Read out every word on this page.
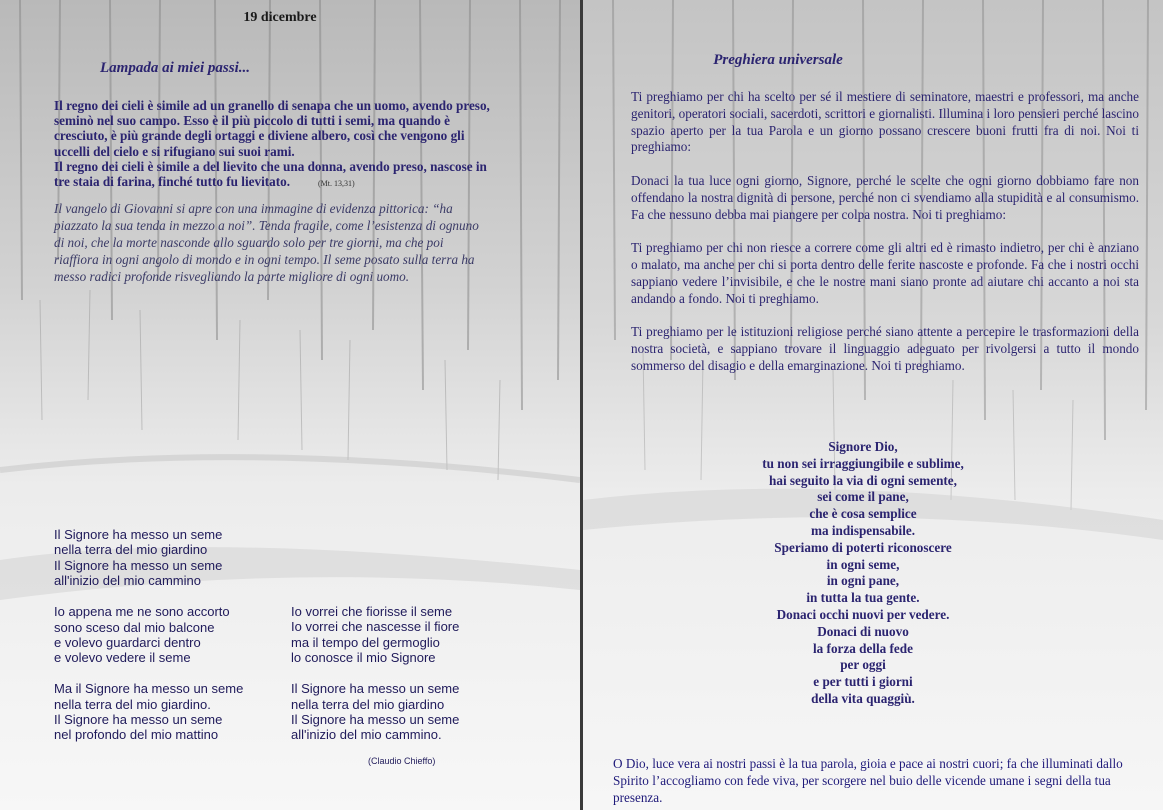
19 dicembre
Lampada ai miei passi...

Il regno dei cieli è simile ad un granello di senapa che un uomo, avendo preso, seminò nel suo campo. Esso è il più piccolo di tutti i semi, ma quando è cresciuto, è più grande degli ortaggi e diviene albero, così che vengono gli uccelli del cielo e si rifugiano sui suoi rami.

Il regno dei cieli è simile a del lievito che una donna, avendo preso, nascose in tre staia di farina, finché tutto fu lievitato.	(Mt. 13,31)

Il vangelo di Giovanni si apre con una immagine di evidenza pittorica: “ha piazzato la sua tenda in mezzo a noi”. Tenda fragile, come l’esistenza di ognuno di noi, che la morte nasconde allo sguardo solo per tre giorni, ma che poi riaffiora in ogni angolo di mondo e in ogni tempo. Il seme posato sulla terra ha messo radici profonde risvegliando la parte migliore di ogni uomo.

Il Signore ha messo un seme
nella terra del mio giardino
Il Signore ha messo un seme
all'inizio del mio cammino
Io appena me ne sono accorto
sono sceso dal mio balcone
e volevo guardarci dentro
e volevo vedere il seme
Ma il Signore ha messo un seme
nella terra del mio giardino.
Il Signore ha messo un seme
nel profondo del mio mattino
Io vorrei che fiorisse il seme
Io vorrei che nascesse il fiore
ma il tempo del germoglio
lo conosce il mio Signore
Il Signore ha messo un seme
nella terra del mio giardino
Il Signore ha messo un seme
all'inizio del mio cammino.
(Claudio Chieffo)
Preghiera universale

Ti preghiamo per chi ha scelto per sé il mestiere di seminatore, maestri e professori, ma anche genitori, operatori sociali, sacerdoti, scrittori e giornalisti. Illumina i loro pensieri perché lascino spazio aperto per la tua Parola e un giorno possano crescere buoni frutti fra di noi. Noi ti preghiamo:

Donaci la tua luce ogni giorno, Signore, perché le scelte che ogni giorno dobbiamo fare non offendano la nostra dignità di persone, perché non ci svendiamo alla stupidità e al consumismo. Fa che nessuno debba mai piangere per colpa nostra. Noi ti preghiamo:

Ti preghiamo per chi non riesce a correre come gli altri ed è rimasto indietro, per chi è anziano o malato, ma anche per chi si porta dentro delle ferite nascoste e profonde. Fa che i nostri occhi sappiano vedere l’invisibile, e che le nostre mani siano pronte ad aiutare chi accanto a noi sta andando a fondo. Noi ti preghiamo.

Ti preghiamo per le istituzioni religiose perché siano attente a percepire le trasformazioni della nostra società, e sappiano trovare il linguaggio adeguato per rivolgersi a tutto il mondo sommerso del disagio e della emarginazione. Noi ti preghiamo.

Signore Dio,
tu non sei irraggiungibile e sublime,
hai seguito la via di ogni semente,
sei come il pane,
che è cosa semplice
ma indispensabile.
Speriamo di poterti riconoscere
in ogni seme,
in ogni pane,
in tutta la tua gente.
Donaci occhi nuovi per vedere.
Donaci di nuovo
la forza della fede
per oggi
e per tutti i giorni
della vita quaggiù.
O Dio, luce vera ai nostri passi è la tua parola, gioia e pace ai nostri cuori; fa che illuminati dallo Spirito l’accogliamo con fede viva, per scorgere nel buio delle vicende umane i segni della tua presenza.
